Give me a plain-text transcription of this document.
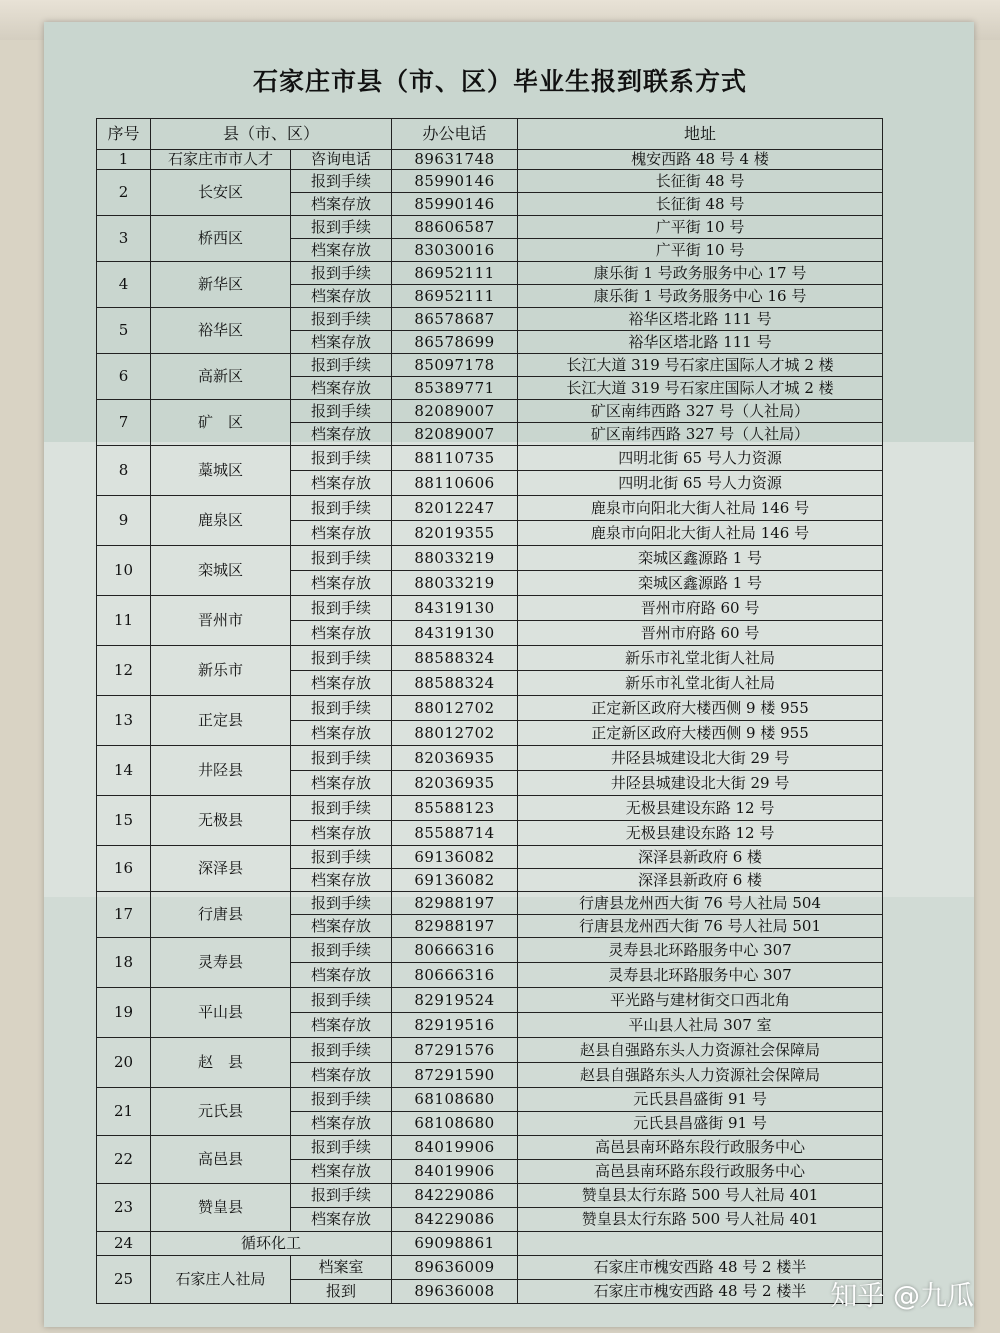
石家庄市县（市、区）毕业生报到联系方式
序号	县（市、区）		办公电话	地址
1	石家庄市市人才	咨询电话	89631748	槐安西路 48 号 4 楼
2	长安区	报到手续	85990146	长征街 48 号
		档案存放	85990146	长征街 48 号
3	桥西区	报到手续	88606587	广平街 10 号
		档案存放	83030016	广平街 10 号
4	新华区	报到手续	86952111	康乐街 1 号政务服务中心 17 号
		档案存放	86952111	康乐街 1 号政务服务中心 16 号
5	裕华区	报到手续	86578687	裕华区塔北路 111 号
		档案存放	86578699	裕华区塔北路 111 号
6	高新区	报到手续	85097178	长江大道 319 号石家庄国际人才城 2 楼
		档案存放	85389771	长江大道 319 号石家庄国际人才城 2 楼
7	矿　区	报到手续	82089007	矿区南纬西路 327 号（人社局）
		档案存放	82089007	矿区南纬西路 327 号（人社局）
8	藁城区	报到手续	88110735	四明北街 65 号人力资源
		档案存放	88110606	四明北街 65 号人力资源
9	鹿泉区	报到手续	82012247	鹿泉市向阳北大街人社局 146 号
		档案存放	82019355	鹿泉市向阳北大街人社局 146 号
10	栾城区	报到手续	88033219	栾城区鑫源路 1 号
		档案存放	88033219	栾城区鑫源路 1 号
11	晋州市	报到手续	84319130	晋州市府路 60 号
		档案存放	84319130	晋州市府路 60 号
12	新乐市	报到手续	88588324	新乐市礼堂北街人社局
		档案存放	88588324	新乐市礼堂北街人社局
13	正定县	报到手续	88012702	正定新区政府大楼西侧 9 楼 955
		档案存放	88012702	正定新区政府大楼西侧 9 楼 955
14	井陉县	报到手续	82036935	井陉县城建设北大街 29 号
		档案存放	82036935	井陉县城建设北大街 29 号
15	无极县	报到手续	85588123	无极县建设东路 12 号
		档案存放	85588714	无极县建设东路 12 号
16	深泽县	报到手续	69136082	深泽县新政府 6 楼
		档案存放	69136082	深泽县新政府 6 楼
17	行唐县	报到手续	82988197	行唐县龙州西大街 76 号人社局 504
		档案存放	82988197	行唐县龙州西大街 76 号人社局 501
18	灵寿县	报到手续	80666316	灵寿县北环路服务中心 307
		档案存放	80666316	灵寿县北环路服务中心 307
19	平山县	报到手续	82919524	平光路与建材街交口西北角
		档案存放	82919516	平山县人社局 307 室
20	赵　县	报到手续	87291576	赵县自强路东头人力资源社会保障局
		档案存放	87291590	赵县自强路东头人力资源社会保障局
21	元氏县	报到手续	68108680	元氏县昌盛街 91 号
		档案存放	68108680	元氏县昌盛街 91 号
22	高邑县	报到手续	84019906	高邑县南环路东段行政服务中心
		档案存放	84019906	高邑县南环路东段行政服务中心
23	赞皇县	报到手续	84229086	赞皇县太行东路 500 号人社局 401
		档案存放	84229086	赞皇县太行东路 500 号人社局 401
24	循环化工		69098861	
25	石家庄人社局	档案室	89636009	石家庄市槐安西路 48 号 2 楼半
		报到	89636008	石家庄市槐安西路 48 号 2 楼半 知乎 @九瓜
